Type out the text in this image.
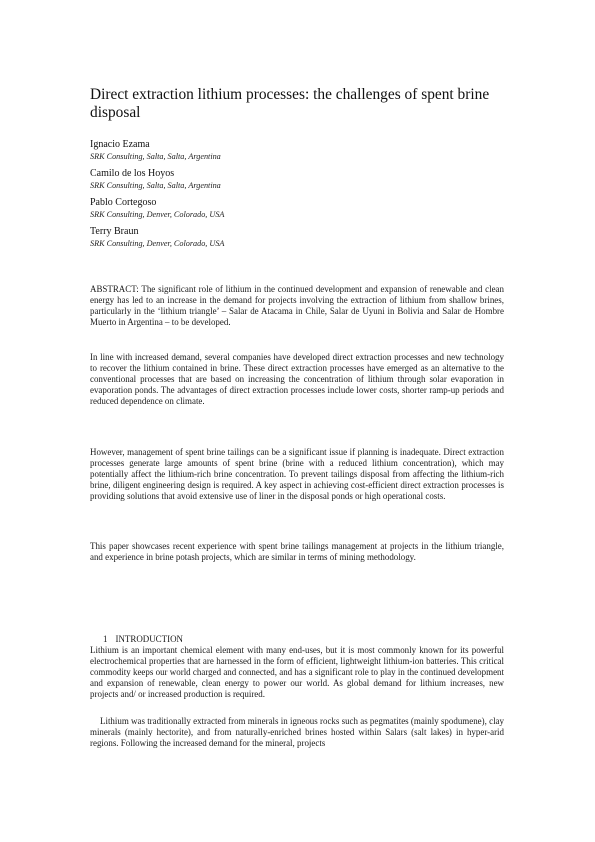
Direct extraction lithium processes: the challenges of spent brine disposal
Ignacio Ezama
SRK Consulting, Salta, Salta, Argentina
Camilo de los Hoyos
SRK Consulting, Salta, Salta, Argentina
Pablo Cortegoso
SRK Consulting, Denver, Colorado, USA
Terry Braun
SRK Consulting, Denver, Colorado, USA
ABSTRACT: The significant role of lithium in the continued development and expansion of renewable and clean energy has led to an increase in the demand for projects involving the extraction of lithium from shallow brines, particularly in the ‘lithium triangle’ – Salar de Atacama in Chile, Salar de Uyuni in Bolivia and Salar de Hombre Muerto in Argentina – to be developed.
In line with increased demand, several companies have developed direct extraction processes and new technology to recover the lithium contained in brine. These direct extraction processes have emerged as an alternative to the conventional processes that are based on increasing the concentration of lithium through solar evaporation in evaporation ponds. The advantages of direct extraction processes include lower costs, shorter ramp-up periods and reduced dependence on climate.
However, management of spent brine tailings can be a significant issue if planning is inadequate. Direct extraction processes generate large amounts of spent brine (brine with a reduced lithium concentration), which may potentially affect the lithium-rich brine concentration. To prevent tailings disposal from affecting the lithium-rich brine, diligent engineering design is required. A key aspect in achieving cost-efficient direct extraction processes is providing solutions that avoid extensive use of liner in the disposal ponds or high operational costs.
This paper showcases recent experience with spent brine tailings management at projects in the lithium triangle, and experience in brine potash projects, which are similar in terms of mining methodology.
1 INTRODUCTION
Lithium is an important chemical element with many end-uses, but it is most commonly known for its powerful electrochemical properties that are harnessed in the form of efficient, lightweight lithium-ion batteries. This critical commodity keeps our world charged and connected, and has a significant role to play in the continued development and expansion of renewable, clean energy to power our world. As global demand for lithium increases, new projects and/ or increased production is required.
Lithium was traditionally extracted from minerals in igneous rocks such as pegmatites (mainly spodumene), clay minerals (mainly hectorite), and from naturally-enriched brines hosted within Salars (salt lakes) in hyper-arid regions. Following the increased demand for the mineral, projects
